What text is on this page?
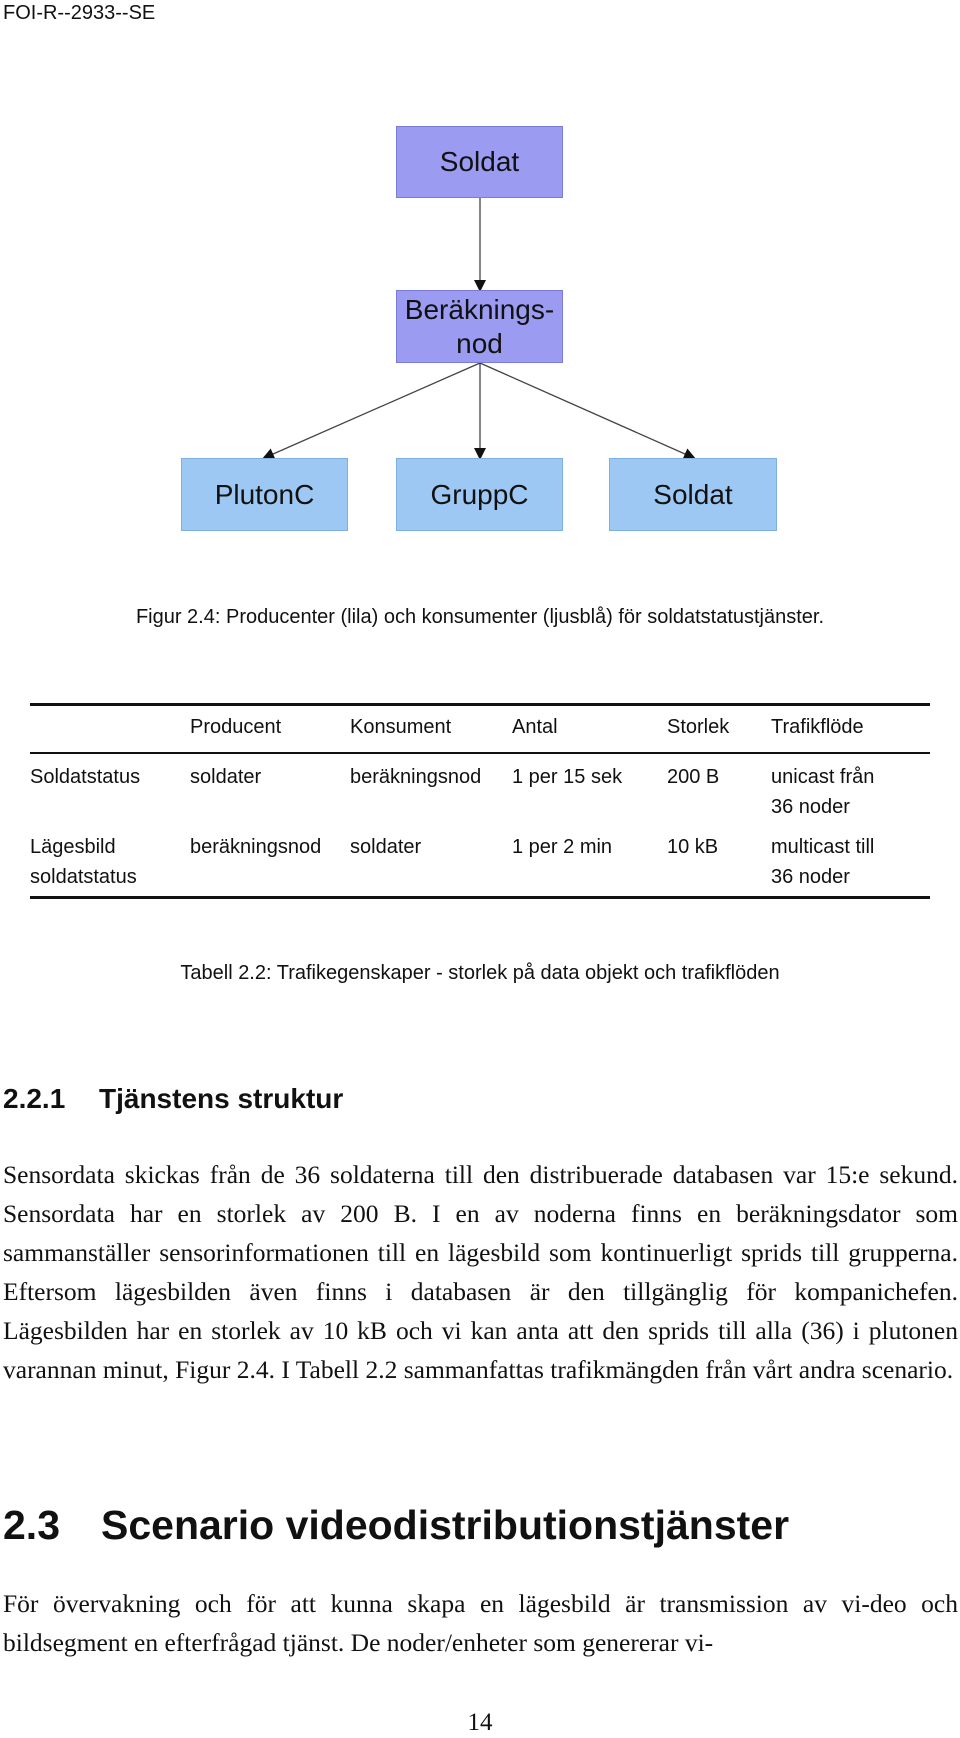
FOI-R--2933--SE
Soldat
Beräknings-
nod
PlutonC	GruppC	Soldat
Figur 2.4: Producenter (lila) och konsumenter (ljusblå) för soldatstatustjänster.
	Producent	Konsument	Antal	Storlek	Trafikflöde
Soldatstatus	soldater	beräkningsnod	1 per 15 sek	200 B	unicast från
36 noder
Lägesbild
soldatstatus	beräkningsnod	soldater	1 per 2 min	10 kB	multicast till
36 noder
Tabell 2.2: Trafikegenskaper - storlek på data objekt och trafikflöden
2.2.1 Tjänstens struktur

Sensordata skickas från de 36 soldaterna till den distribuerade databasen var 15:e sekund. Sensordata har en storlek av 200 B. I en av noderna finns en beräkningsdator som sammanställer sensorinformationen till en lägesbild som kontinuerligt sprids till grupperna. Eftersom lägesbilden även finns i databasen är den tillgänglig för kompanichefen. Lägesbilden har en storlek av 10 kB och vi kan anta att den sprids till alla (36) i plutonen varannan minut, Figur 2.4. I Tabell 2.2 sammanfattas trafikmängden från vårt andra scenario.

2.3 Scenario videodistributionstjänster

För övervakning och för att kunna skapa en lägesbild är transmission av vi-deo och bildsegment en efterfrågad tjänst. De noder/enheter som genererar vi-

14
